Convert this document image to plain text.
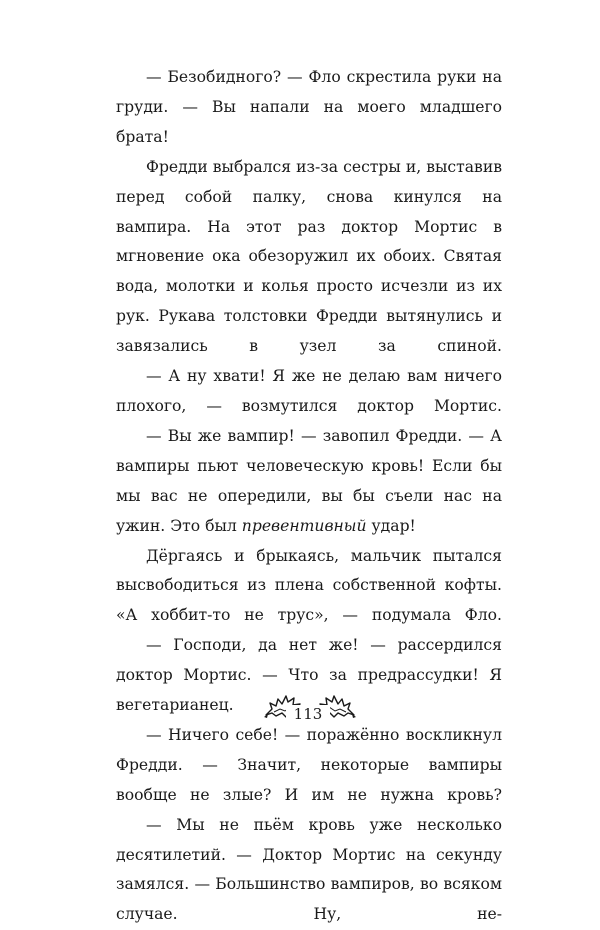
— Безобидного? — Фло скрестила руки на груди. — Вы напали на моего младшего брата!

Фредди выбрался из-за сестры и, выставив перед собой палку, снова кинулся на вампира. На этот раз доктор Мортис в мгновение ока обезоружил их обоих. Святая вода, молотки и колья просто исчезли из их рук. Рукава толстовки Фредди вытянулись и завязались в узел за спиной.

— А ну хвати! Я же не делаю вам ничего плохого, — возмутился доктор Мортис.

— Вы же вампир! — завопил Фредди. — А вампиры пьют человеческую кровь! Если бы мы вас не опередили, вы бы съели нас на ужин. Это был превентивный удар!

Дёргаясь и брыкаясь, мальчик пытался высвободиться из плена собственной кофты. «А хоббит-то не трус», — подумала Фло.

— Господи, да нет же! — рассердился доктор Мортис. — Что за предрассудки! Я вегетарианец.

— Ничего себе! — поражённо воскликнул Фредди. — Значит, некоторые вампиры вообще не злые? И им не нужна кровь?

— Мы не пьём кровь уже несколько десятилетий. — Доктор Мортис на секунду замялся. — Большинство вампиров, во всяком случае. Ну, не-

113
